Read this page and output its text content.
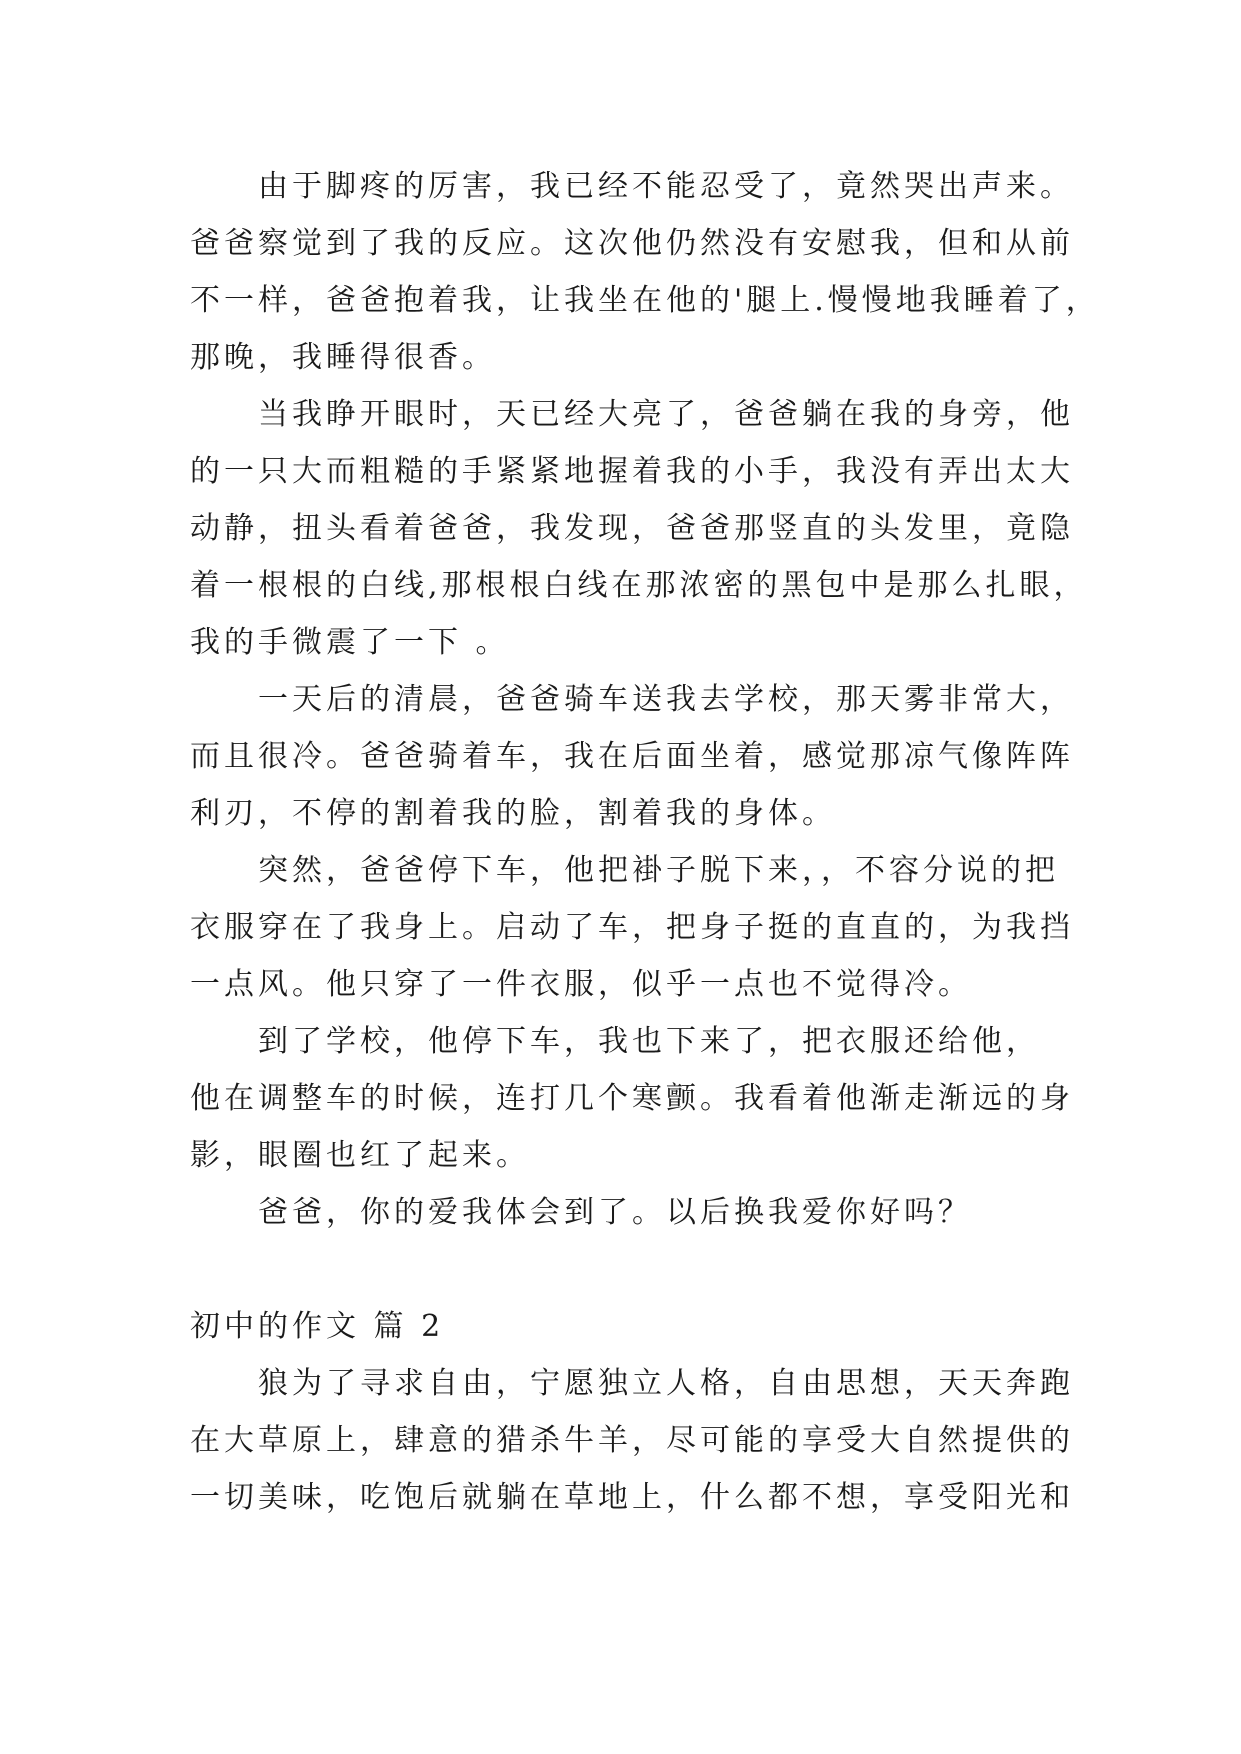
由于脚疼的厉害，我已经不能忍受了，竟然哭出声来。
爸爸察觉到了我的反应。这次他仍然没有安慰我，但和从前
不一样，爸爸抱着我，让我坐在他的'腿上.慢慢地我睡着了，
那晚，我睡得很香。

当我睁开眼时，天已经大亮了，爸爸躺在我的身旁，他
的一只大而粗糙的手紧紧地握着我的小手，我没有弄出太大
动静，扭头看着爸爸，我发现，爸爸那竖直的头发里，竟隐
着一根根的白线,那根根白线在那浓密的黑包中是那么扎眼，
我的手微震了一下 。

一天后的清晨，爸爸骑车送我去学校，那天雾非常大，
而且很冷。爸爸骑着车，我在后面坐着，感觉那凉气像阵阵
利刃，不停的割着我的脸，割着我的身体。

突然，爸爸停下车，他把褂子脱下来，，不容分说的把
衣服穿在了我身上。启动了车，把身子挺的直直的，为我挡
一点风。他只穿了一件衣服，似乎一点也不觉得冷。

到了学校，他停下车，我也下来了，把衣服还给他，
他在调整车的时候，连打几个寒颤。我看着他渐走渐远的身
影，眼圈也红了起来。

爸爸，你的爱我体会到了。以后换我爱你好吗？

初中的作文 篇 2

狼为了寻求自由，宁愿独立人格，自由思想，天天奔跑
在大草原上，肆意的猎杀牛羊，尽可能的享受大自然提供的
一切美味，吃饱后就躺在草地上，什么都不想，享受阳光和
